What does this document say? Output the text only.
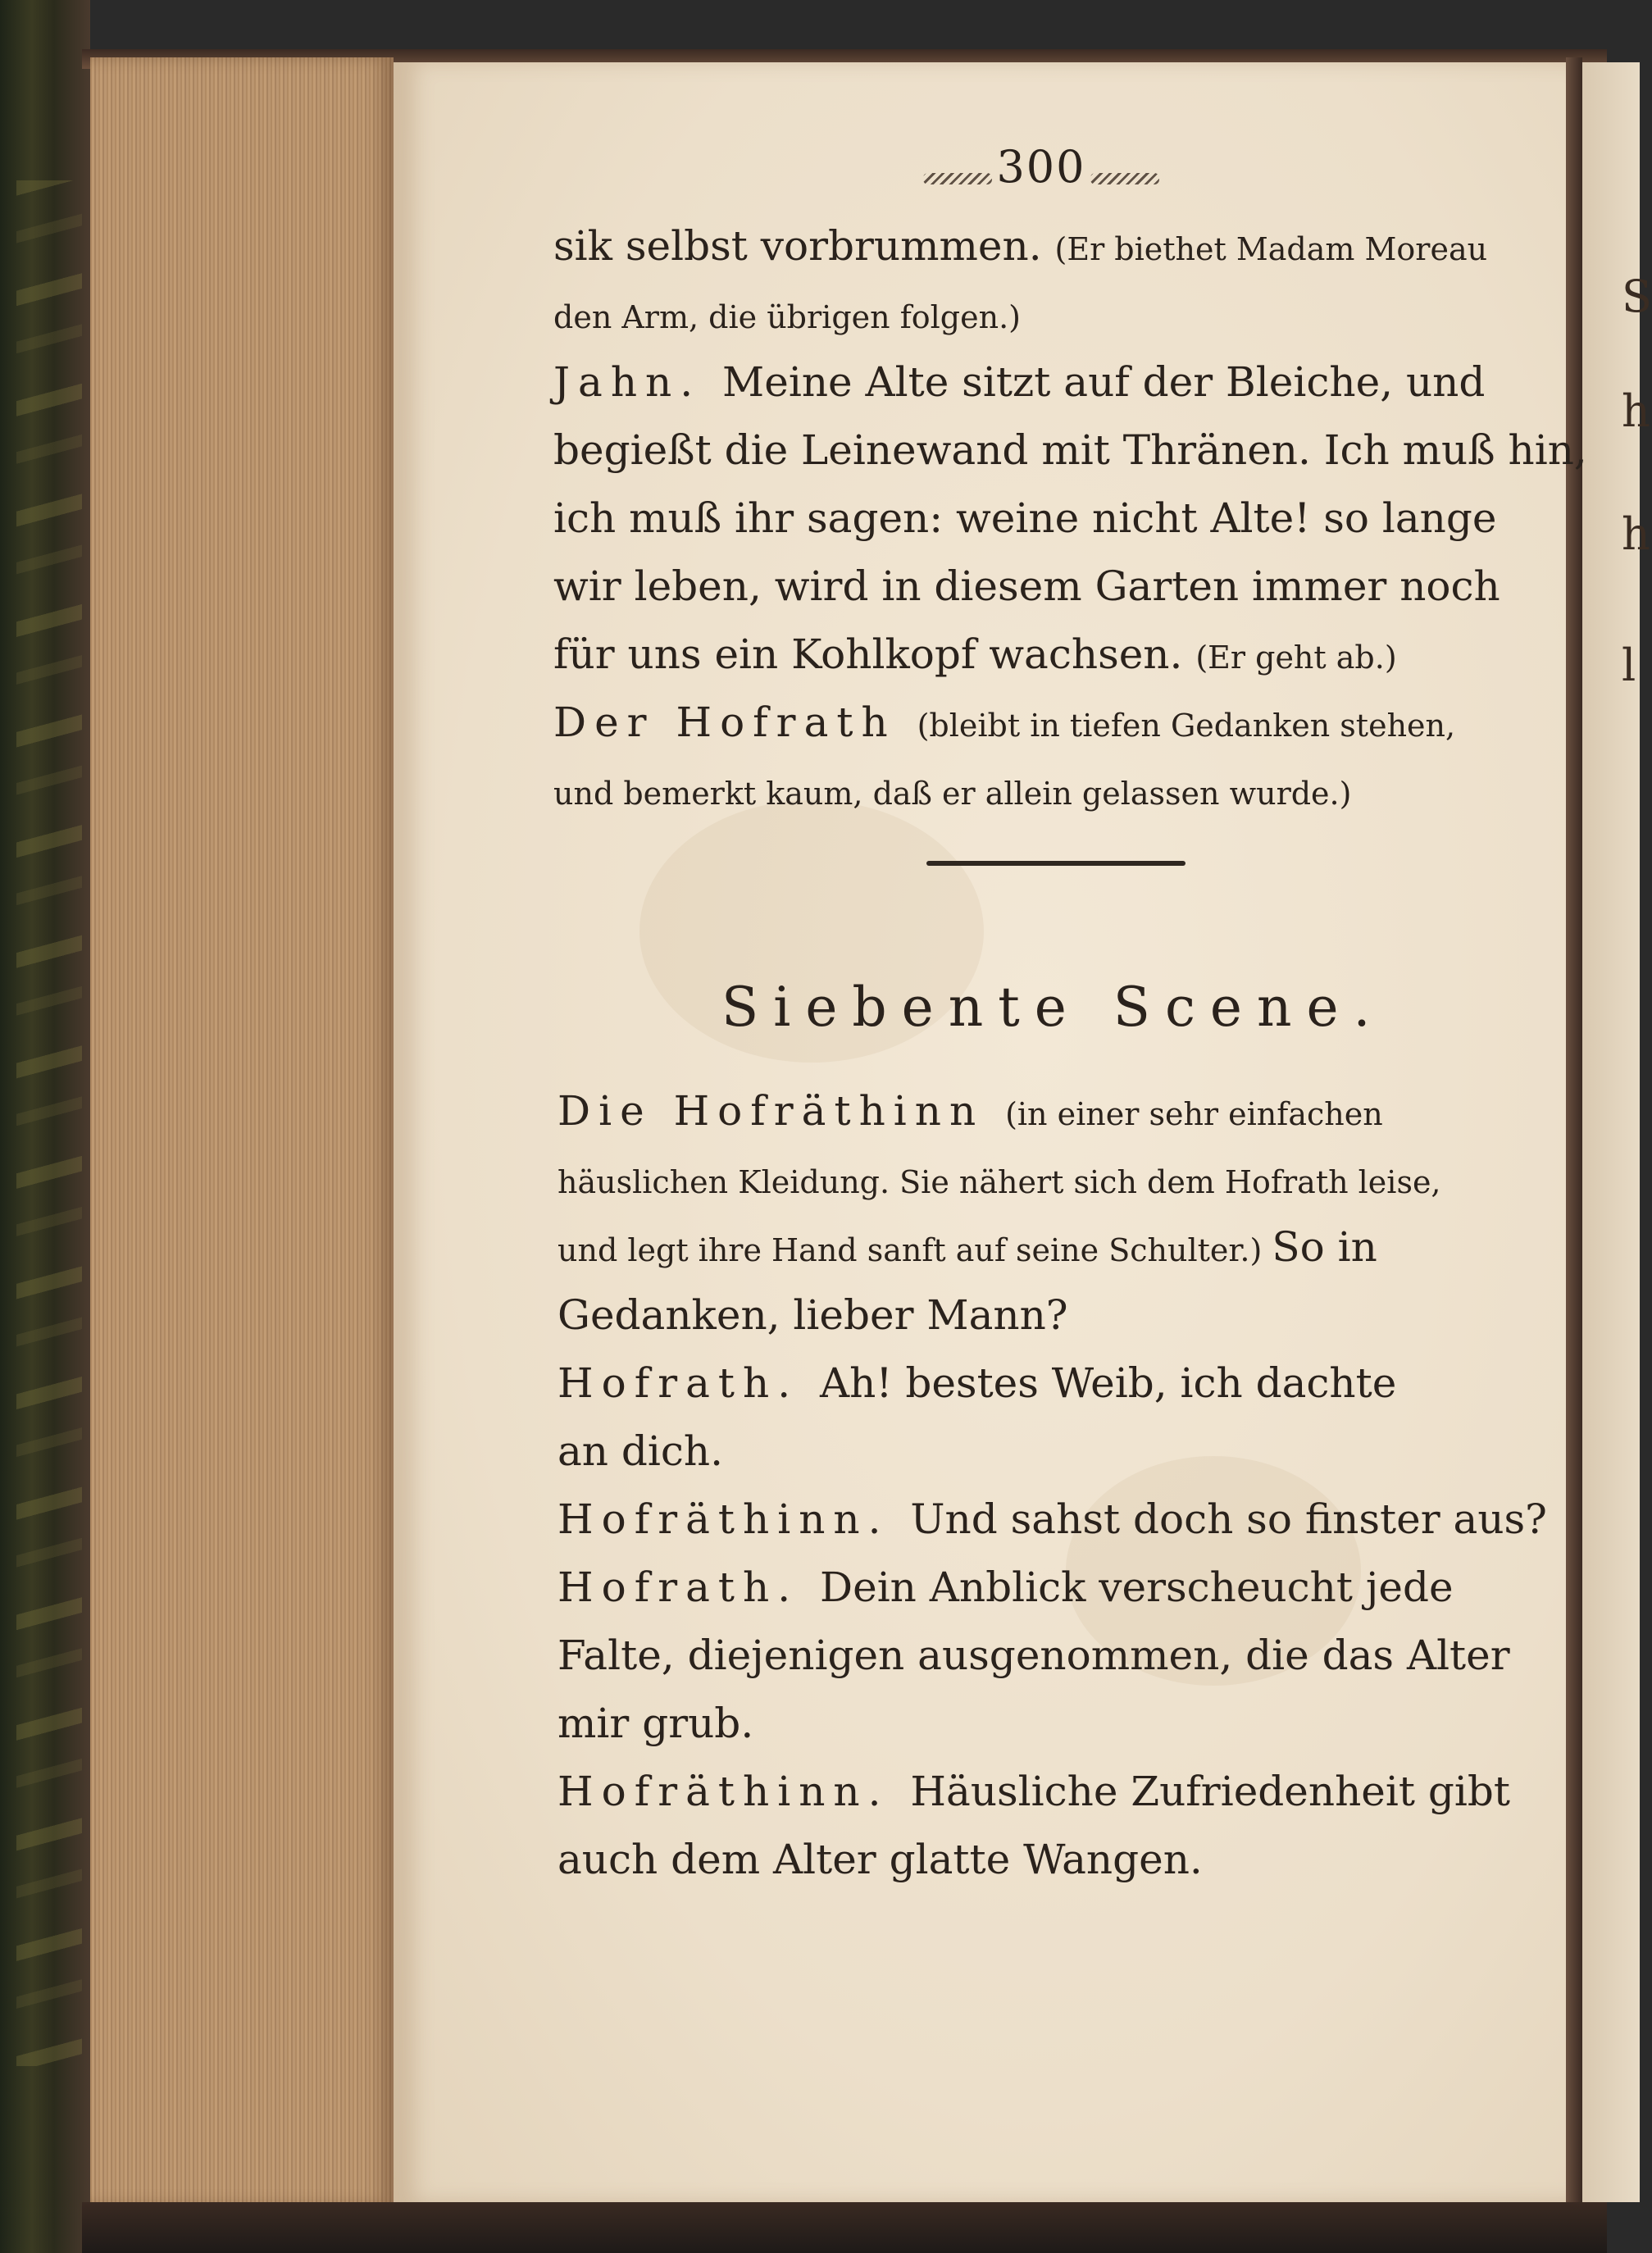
S
h
h
l
300
sik selbst vorbrummen. (Er biethet Madam Moreau
den Arm, die übrigen folgen.)
Jahn. Meine Alte sitzt auf der Bleiche, und
begießt die Leinewand mit Thränen. Ich muß hin,
ich muß ihr sagen: weine nicht Alte! so lange
wir leben, wird in diesem Garten immer noch
für uns ein Kohlkopf wachsen. (Er geht ab.)
Der Hofrath (bleibt in tiefen Gedanken stehen,
und bemerkt kaum, daß er allein gelassen wurde.)
Siebente Scene.
Die Hofräthinn (in einer sehr einfachen
häuslichen Kleidung. Sie nähert sich dem Hofrath leise,
und legt ihre Hand sanft auf seine Schulter.) So in
Gedanken, lieber Mann?
Hofrath. Ah! bestes Weib, ich dachte
an dich.
Hofräthinn. Und sahst doch so finster aus?
Hofrath. Dein Anblick verscheucht jede
Falte, diejenigen ausgenommen, die das Alter
mir grub.
Hofräthinn. Häusliche Zufriedenheit gibt
auch dem Alter glatte Wangen.
